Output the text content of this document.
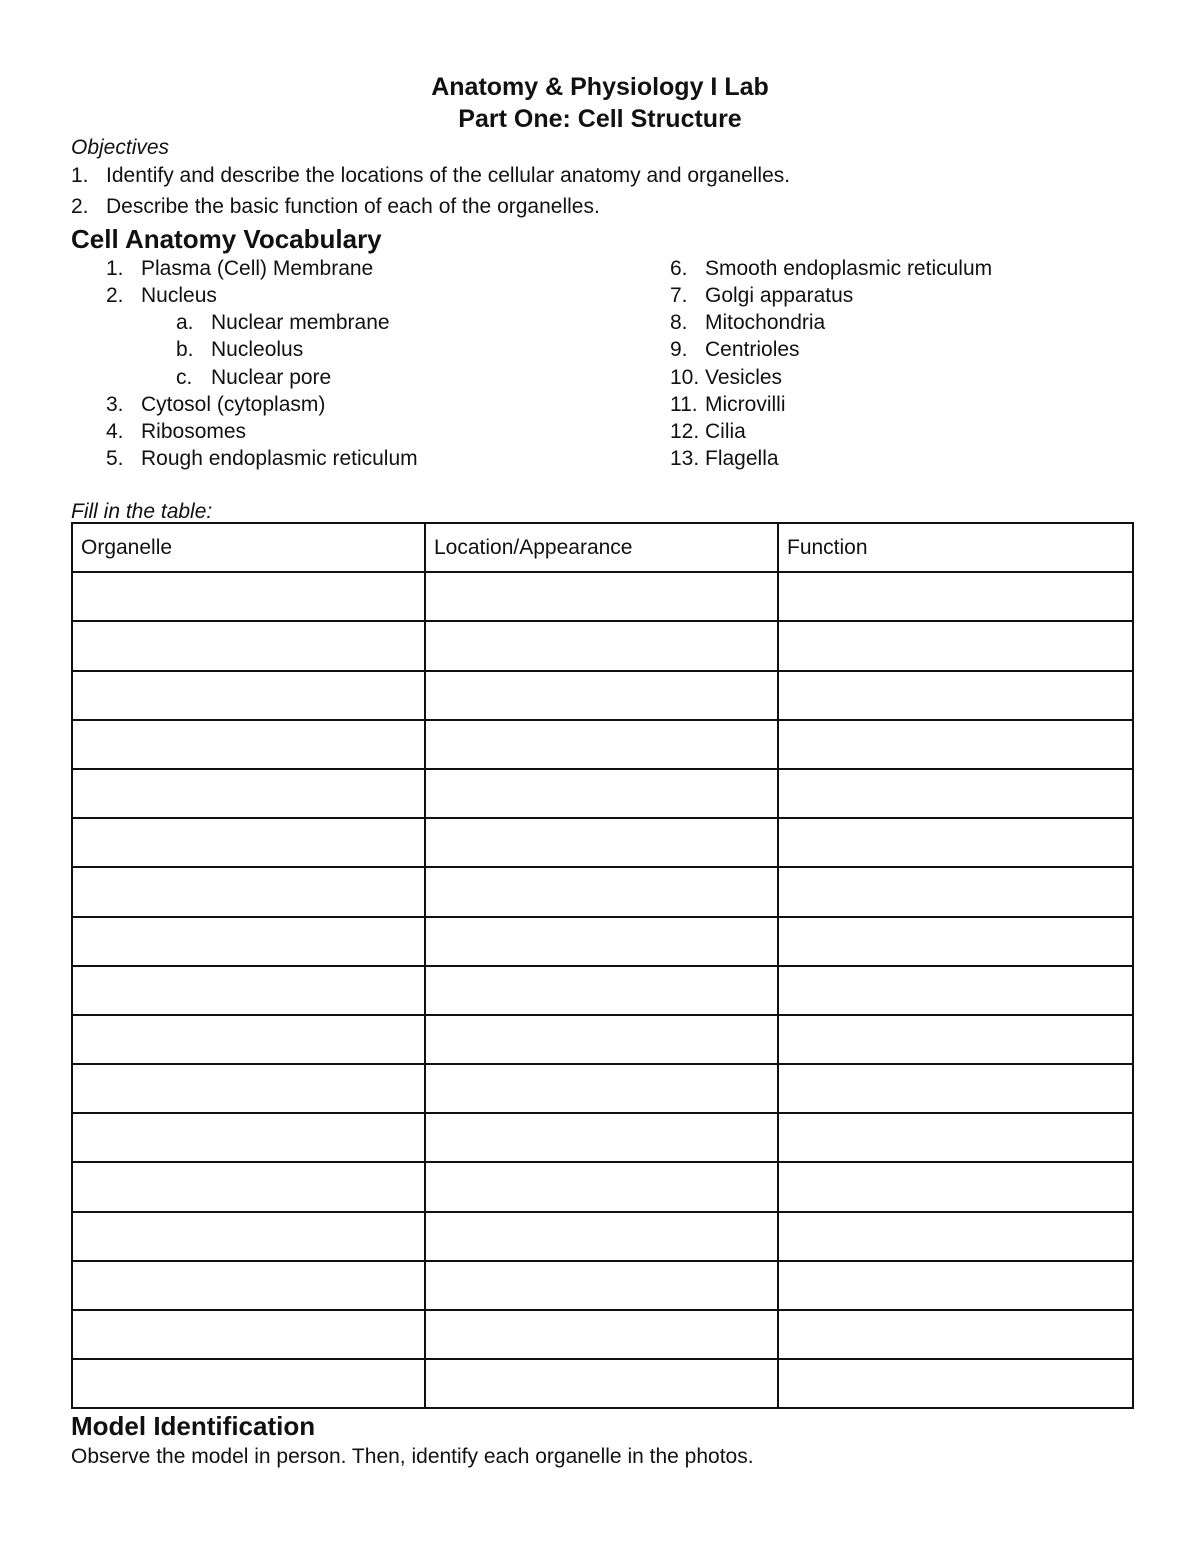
Anatomy & Physiology I Lab
Part One: Cell Structure
Objectives
1. Identify and describe the locations of the cellular anatomy and organelles.
2. Describe the basic function of each of the organelles.
Cell Anatomy Vocabulary
1. Plasma (Cell) Membrane
2. Nucleus
a. Nuclear membrane
b. Nucleolus
c. Nuclear pore
3. Cytosol (cytoplasm)
4. Ribosomes
5. Rough endoplasmic reticulum
6. Smooth endoplasmic reticulum
7. Golgi apparatus
8. Mitochondria
9. Centrioles
10. Vesicles
11. Microvilli
12. Cilia
13. Flagella
Fill in the table:
Organelle	Location/Appearance	Function

Model Identification
Observe the model in person. Then, identify each organelle in the photos.
